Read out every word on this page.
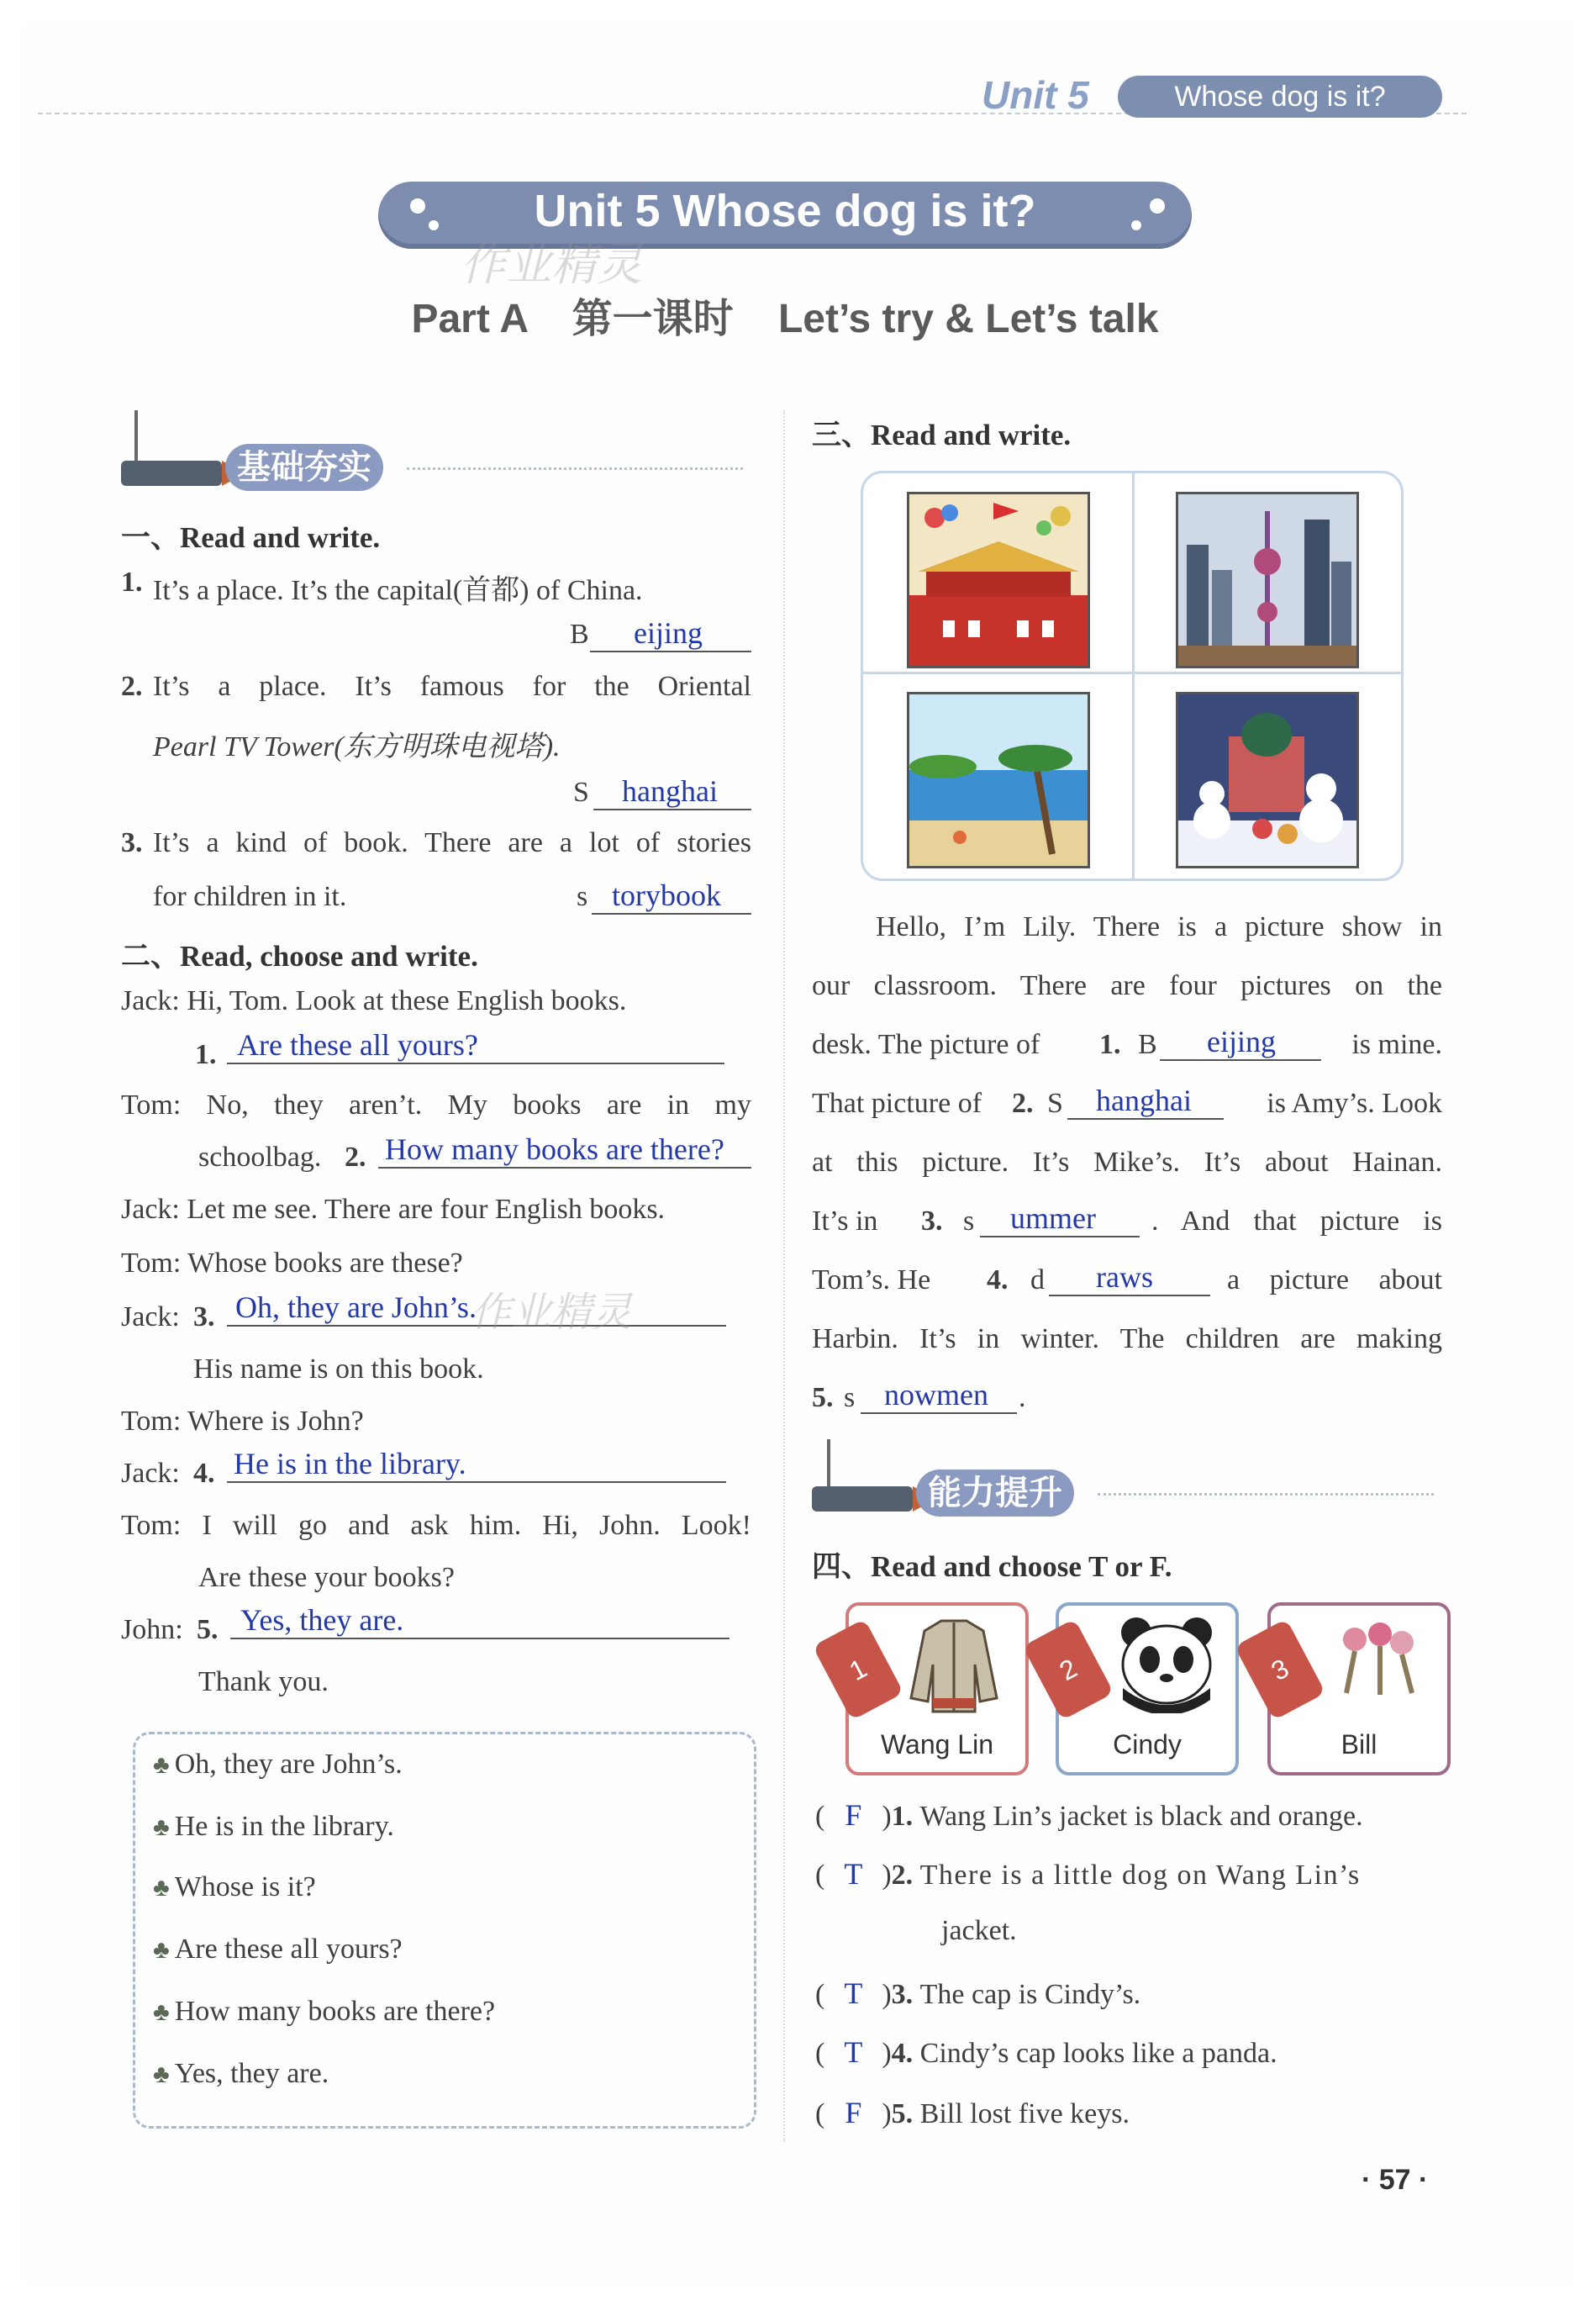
Unit 5	Whose dog is it?
Unit 5 Whose dog is it?
作业精灵
Part A 第一课时 Let’s try & Let’s talk
基础夯实
一、Read and write.
1. It’s a place. It’s the capital(首都) of China.
B	eijing
2. It’s a place. It’s famous for the Oriental
Pearl TV Tower(东方明珠电视塔).
S	hanghai
3. It’s a kind of book. There are a lot of stories
for children in it.	s torybook
二、Read, choose and write.
Jack: Hi, Tom. Look at these English books.
1. Are these all yours?
Tom: No, they aren’t. My books are in my
schoolbag. 2. How many books are there?
Jack: Let me see. There are four English books.
Tom: Whose books are these?
Jack: 3. Oh, they are John’s.
作业精灵
His name is on this book.
Tom: Where is John?
Jack: 4. He is in the library.
Tom: I will go and ask him. Hi, John. Look!
Are these your books?
John: 5. Yes, they are.
Thank you.
♣ Oh, they are John’s.
♣ He is in the library.
♣ Whose is it?
♣ Are these all yours?
♣ How many books are there?
♣ Yes, they are.
三、Read and write.
Hello, I’m Lily. There is a picture show in
our classroom. There are four pictures on the
desk. The picture of 1. B	eijing	is mine.
That picture of 2. S	hanghai	is Amy’s. Look
at this picture. It’s Mike’s. It’s about Hainan.
It’s in 3. s	ummer	. And that picture is
Tom’s. He 4. d	raws	a picture about
Harbin. It’s in winter. The children are making
5. s nowmen	.
能力提升
四、Read and choose T or F.
1
Wang Lin
2
Cindy
3
Bill
( F )1. Wang Lin’s jacket is black and orange.
( T )2. There is a little dog on Wang Lin’s
jacket.
( T )3. The cap is Cindy’s.
( T )4. Cindy’s cap looks like a panda.
( F )5. Bill lost five keys.
· 57 ·
